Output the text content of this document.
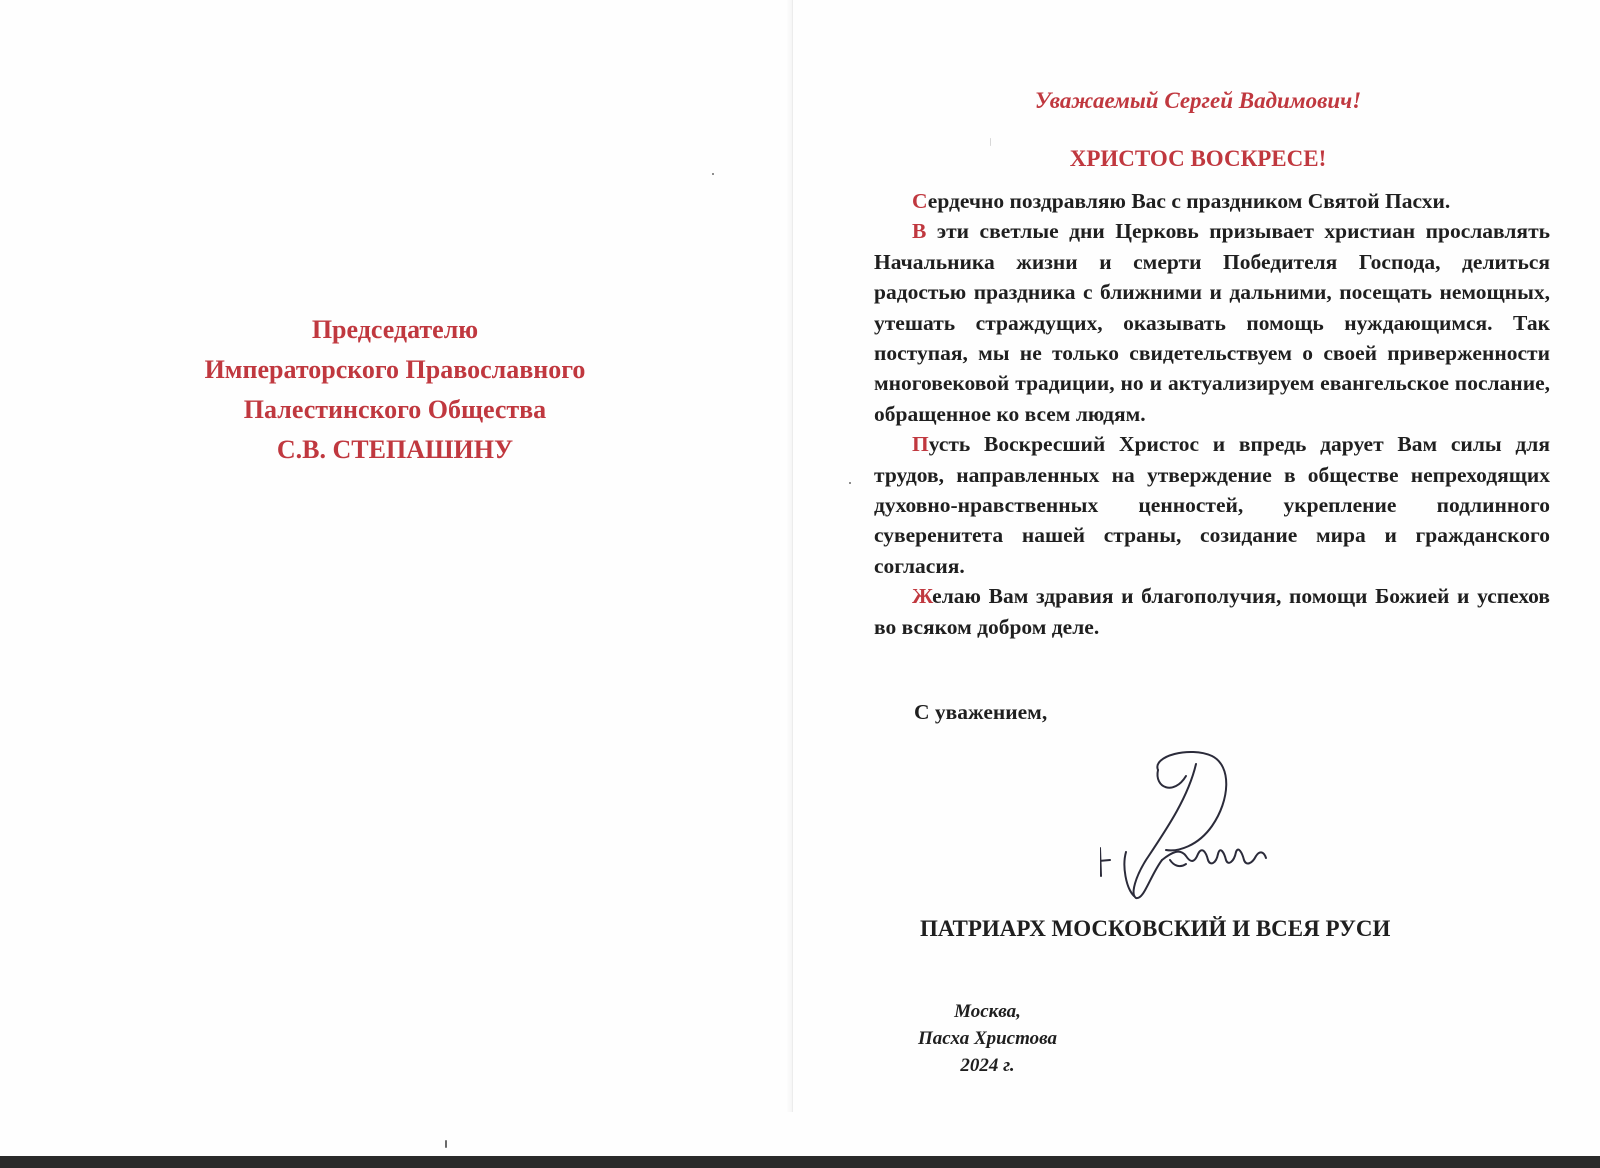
Председателю
Императорского Православного
Палестинского Общества
С.В. СТЕПАШИНУ
Уважаемый Сергей Вадимович!
ХРИСТОС ВОСКРЕСЕ!

Сердечно поздравляю Вас с праздником Святой Пасхи.

В эти светлые дни Церковь призывает христиан прославлять Начальника жизни и смерти Победителя Господа, делиться радостью праздника с ближними и дальними, посещать немощных, утешать страждущих, оказывать помощь нуждающимся. Так поступая, мы не только свидетельствуем о своей приверженности многовековой традиции, но и актуализируем евангельское послание, обращенное ко всем людям.

Пусть Воскресший Христос и впредь дарует Вам силы для трудов, направленных на утверждение в обществе непреходящих духовно-нравственных ценностей, укрепление подлинного суверенитета нашей страны, созидание мира и гражданского согласия.

Желаю Вам здравия и благополучия, помощи Божией и успехов во всяком добром деле.

С уважением,
ПАТРИАРХ МОСКОВСКИЙ И ВСЕЯ РУСИ
Москва,
Пасха Христова
2024 г.
